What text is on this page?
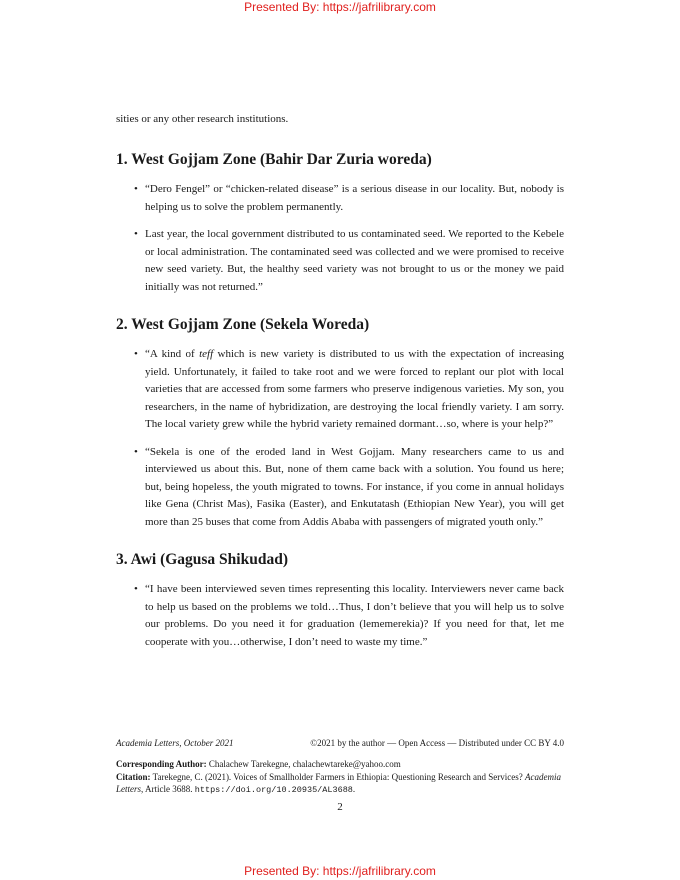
Presented By: https://jafrilibrary.com

sities or any other research institutions.

1. West Gojjam Zone (Bahir Dar Zuria woreda)
• “Dero Fengel” or “chicken-related disease” is a serious disease in our locality. But, nobody is helping us to solve the problem permanently.
• Last year, the local government distributed to us contaminated seed. We reported to the Kebele or local administration. The contaminated seed was collected and we were promised to receive new seed variety. But, the healthy seed variety was not brought to us or the money we paid initially was not returned.”
2. West Gojjam Zone (Sekela Woreda)
• “A kind of teff which is new variety is distributed to us with the expectation of increasing yield. Unfortunately, it failed to take root and we were forced to replant our plot with local varieties that are accessed from some farmers who preserve indigenous varieties. My son, you researchers, in the name of hybridization, are destroying the local friendly variety. I am sorry. The local variety grew while the hybrid variety remained dormant…so, where is your help?”
• “Sekela is one of the eroded land in West Gojjam. Many researchers came to us and interviewed us about this. But, none of them came back with a solution. You found us here; but, being hopeless, the youth migrated to towns. For instance, if you come in annual holidays like Gena (Christ Mas), Fasika (Easter), and Enkutatash (Ethiopian New Year), you will get more than 25 buses that come from Addis Ababa with passengers of migrated youth only.”
3. Awi (Gagusa Shikudad)
• “I have been interviewed seven times representing this locality. Interviewers never came back to help us based on the problems we told…Thus, I don’t believe that you will help us to solve our problems. Do you need it for graduation (lememerekia)? If you need for that, let me cooperate with you…otherwise, I don’t need to waste my time.”
Academia Letters, October 2021	©2021 by the author — Open Access — Distributed under CC BY 4.0
Corresponding Author: Chalachew Tarekegne, chalachewtareke@yahoo.com
Citation: Tarekegne, C. (2021). Voices of Smallholder Farmers in Ethiopia: Questioning Research and Services? Academia Letters, Article 3688. https://doi.org/10.20935/AL3688.
2
Presented By: https://jafrilibrary.com
